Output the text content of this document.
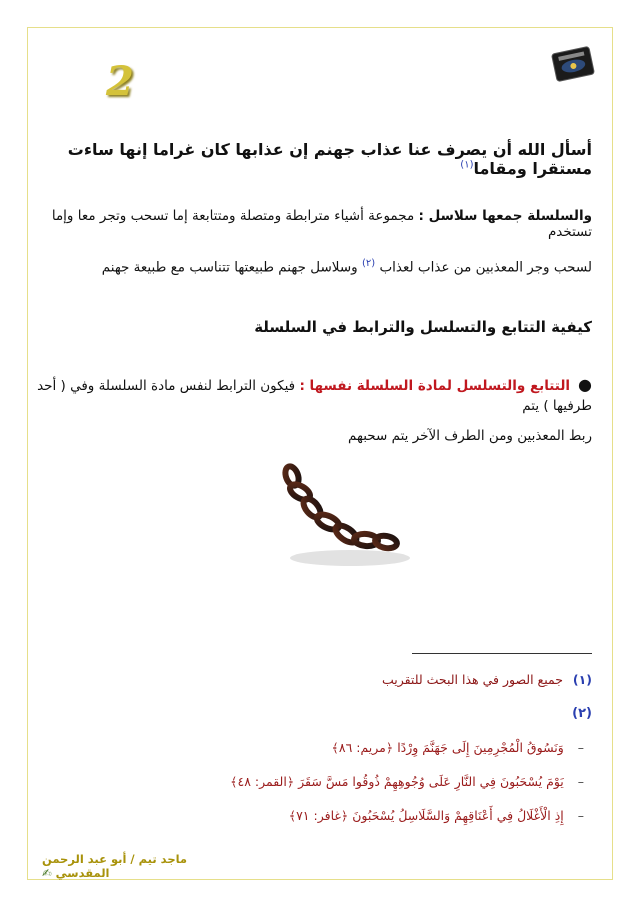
2
أسأل الله أن يصرف عنا عذاب جهنم إن عذابها كان غراما إنها ساءت مستقرا ومقاما$^{(١)}$
والسلسلة جمعها سلاسل : مجموعة أشياء مترابطة ومتصلة ومتتابعة إما تسحب وتجر معا وإما تستخدم
لسحب وجر المعذبين من عذاب لعذاب $^{(٢)}$ وسلاسل جهنم طبيعتها تتناسب مع طبيعة جهنم
كيفية التتابع والتسلسل والترابط في السلسلة
●التتابع والتسلسل لمادة السلسلة نفسها : فيكون الترابط لنفس مادة السلسلة وفي ( أحد طرفيها ) يتم
ربط المعذبين ومن الطرف الآخر يتم سحبهم
(١) جميع الصور في هذا البحث للتقريب
(٢)
– وَنَسُوقُ الْمُجْرِمِينَ إِلَى جَهَنَّمَ وِرْدًا ﴿مريم: ٨٦﴾
– يَوْمَ يُسْحَبُونَ فِي النَّارِ عَلَى وُجُوهِهِمْ ذُوقُوا مَسَّ سَقَرَ ﴿القمر: ٤٨﴾
– إِذِ الْأَغْلَالُ فِي أَعْنَاقِهِمْ وَالسَّلَاسِلُ يُسْحَبُونَ ﴿غافر: ٧١﴾
ماجد تيم / أبو عبد الرحمن المقدسي✍
